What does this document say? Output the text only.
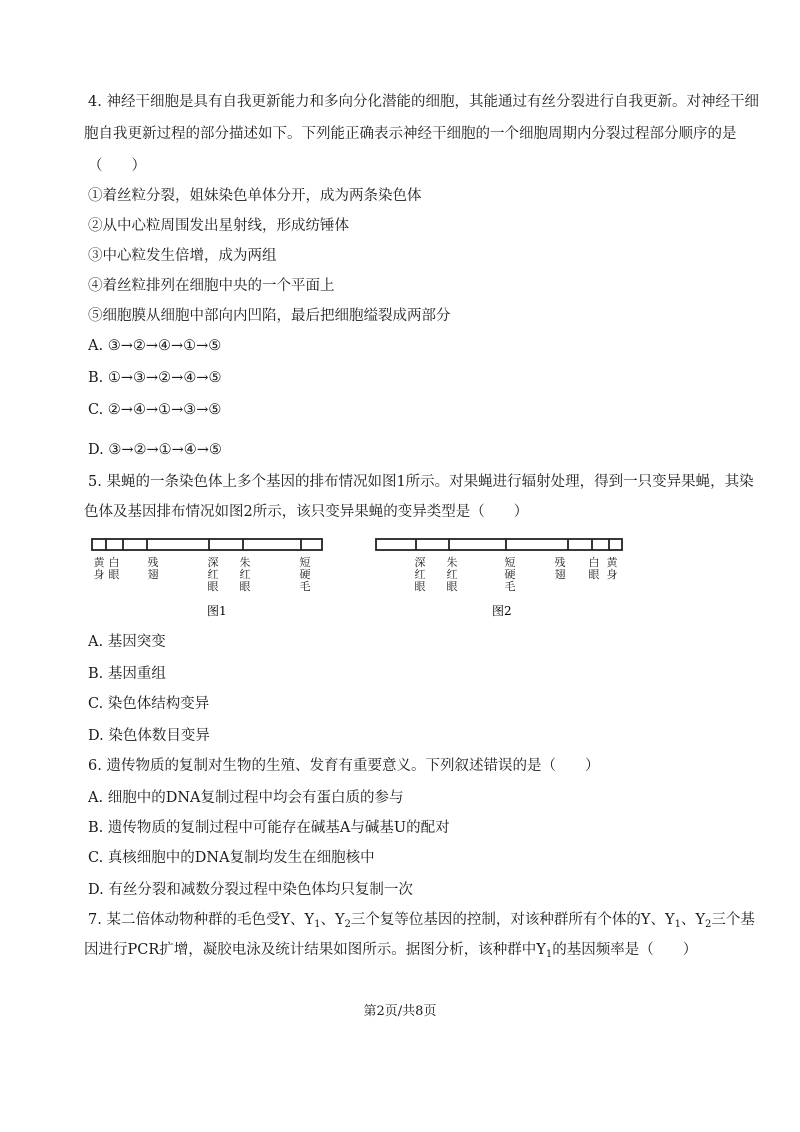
4. 神经干细胞是具有自我更新能力和多向分化潜能的细胞，其能通过有丝分裂进行自我更新。对神经干细
胞自我更新过程的部分描述如下。下列能正确表示神经干细胞的一个细胞周期内分裂过程部分顺序的是
（　　）
①着丝粒分裂，姐妹染色单体分开，成为两条染色体
②从中心粒周围发出星射线，形成纺锤体
③中心粒发生倍增，成为两组
④着丝粒排列在细胞中央的一个平面上
⑤细胞膜从细胞中部向内凹陷，最后把细胞缢裂成两部分
A. ③→②→④→①→⑤
B. ①→③→②→④→⑤
C. ②→④→①→③→⑤
D. ③→②→①→④→⑤
5. 果蝇的一条染色体上多个基因的排布情况如图1所示。对果蝇进行辐射处理，得到一只变异果蝇，其染
色体及基因排布情况如图2所示，该只变异果蝇的变异类型是（　　）
黄身
白眼
残翅
深红眼
朱红眼
短硬毛
深红眼
朱红眼
短硬毛
残翅
白眼
黄身
图1	图2
A. 基因突变
B. 基因重组
C. 染色体结构变异
D. 染色体数目变异
6. 遗传物质的复制对生物的生殖、发育有重要意义。下列叙述错误的是（　　）
A. 细胞中的DNA复制过程中均会有蛋白质的参与
B. 遗传物质的复制过程中可能存在碱基A与碱基U的配对
C. 真核细胞中的DNA复制均发生在细胞核中
D. 有丝分裂和减数分裂过程中染色体均只复制一次
7. 某二倍体动物种群的毛色受Y、$Y_1$、$Y_2$三个复等位基因的控制，对该种群所有个体的Y、$Y_1$、$Y_2$三个基
因进行PCR扩增，凝胶电泳及统计结果如图所示。据图分析，该种群中$Y_1$的基因频率是（　　）
第2页/共8页
